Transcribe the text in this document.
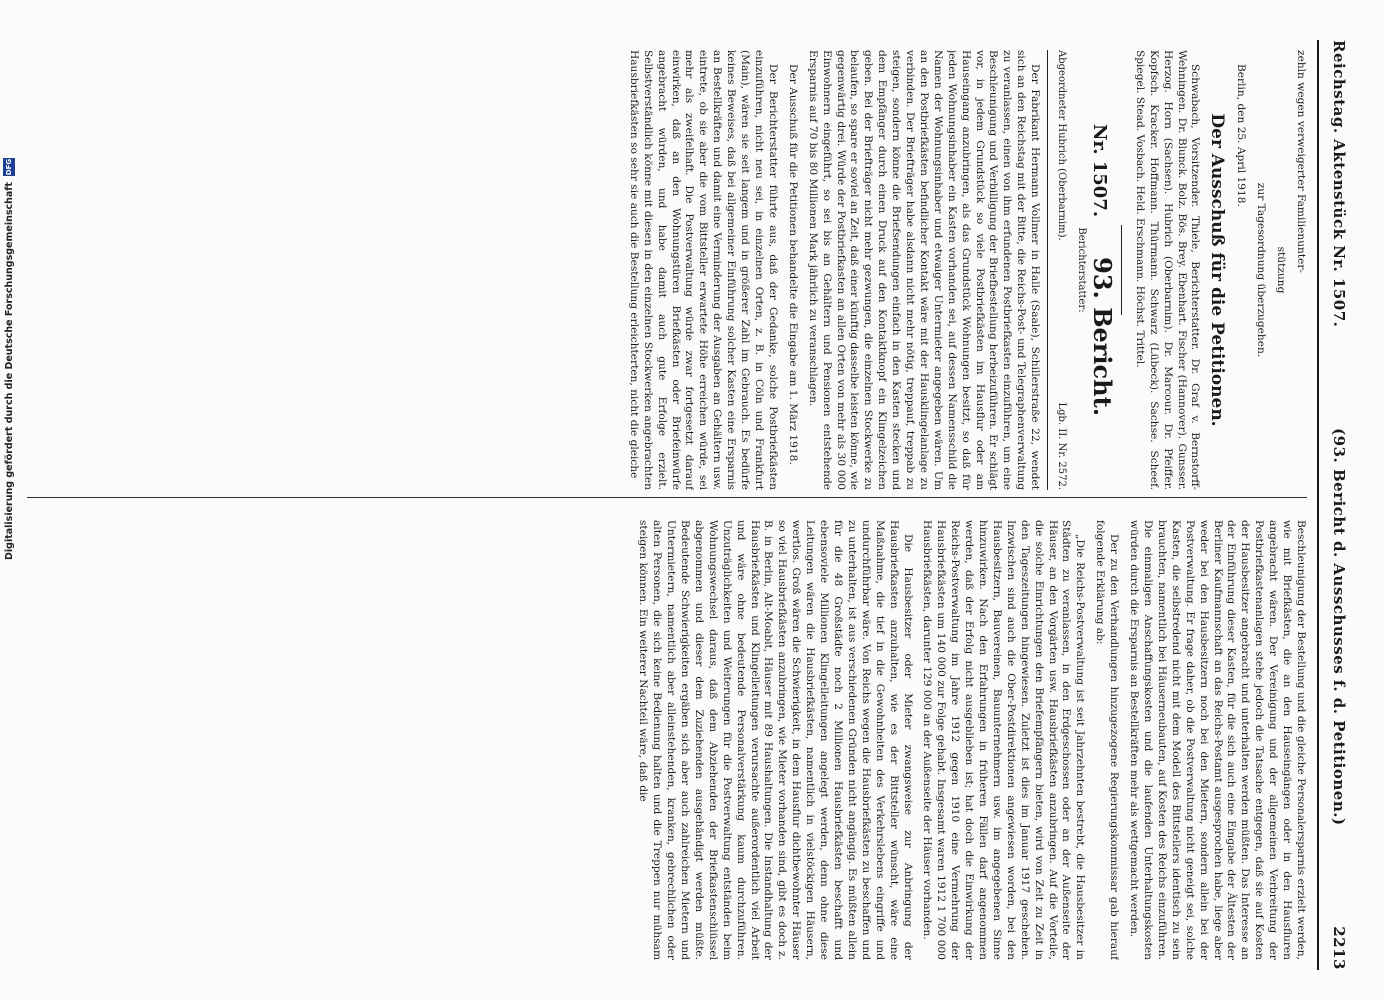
Reichstag. Aktenstück Nr. 1507.
(93. Bericht d. Ausschusses f. d. Petitionen.)
2213

zehln wegen verweigerter Familienunter-

stützung

zur Tagesordnung überzugehen.

Berlin, den 25. April 1918.

Der Ausschuß für die Petitionen.

Schwabach, Vorsitzender. Thiele, Berichterstatter. Dr. Graf v. Bernstorff-Wehningen. Dr. Blunck. Bolz. Bös. Brey. Ebenhart. Fischer (Hannover). Gunsser. Herzog. Horn (Sachsen). Hubrich (Oberbarnim). Dr. Marcour. Dr. Pfeiffer. Kopfsch. Kracker. Hoffmann. Thürmann. Schwarz (Lübeck). Sachse. Scheef. Spiegel. Stead. Vosbach. Held. Erschmann. Höchst. Trittel.

Nr. 1507.
93. Bericht.

Berichterstatter:

Abgeordneter Hubrich (Oberbarnim).
Lgb. II. Nr. 2572.

Der Fabrikant Hermann Vollmer in Halle (Saale), Schillerstraße 22, wendet sich an den Reichstag mit der Bitte, die Reichs-Post- und Telegraphenverwaltung zu veranlassen, einen von ihm erfundenen Postbriefkasten einzuführen, um eine Beschleunigung und Verbilligung der Briefbestellung herbeizuführen. Er schlägt vor, in jedem Grundstück so viele Postbriefkästen im Hausflur oder am Hauseingang anzubringen, als das Grundstück Wohnungen besitzt, so daß für jeden Wohnungsinhaber ein Kasten vorhanden sei, auf dessen Namensschild die Namen der Wohnungsinhaber und etwaiger Untermieter angegeben wären. Um an den Postbriefkästen befindlicher Kontakt wäre mit der Hausklingelanlage zu verbinden. Der Briefträger habe alsdann nicht mehr nötig, treppauf, treppab zu steigen, sondern könne die Briefsendungen einfach in den Kasten stecken und dem Empfänger durch einen Druck auf den Kontaktknopf ein Klingelzeichen geben. Bei der Briefträger nicht mehr gezwungen, die einzelnen Stockwerke zu belaufen, so spare er soviel an Zeit, daß einer künftig dasselbe leisten könne, wie gegenwärtig drei. Würde der Postbriefkasten an allen Orten von mehr als 30 000 Einwohnern eingeführt, so sei bis an Gehältern und Pensionen entstehende Ersparnis auf 70 bis 80 Millionen Mark jährlich zu veranschlagen.

Der Ausschuß für die Petitionen behandelte die Eingabe am 1. März 1918.

Der Berichterstatter führte aus, daß der Gedanke, solche Postbriefkästen einzuführen, nicht neu sei, in einzelnen Orten, z. B. in Cöln und Frankfurt (Main), wären sie seit langem und in größerer Zahl im Gebrauch. Es bedürfe keines Beweises, daß bei allgemeiner Einführung solcher Kasten eine Ersparnis an Bestellkräften und damit eine Verminderung der Ausgaben an Gehältern usw. eintrete, ob sie aber die vom Bittsteller erwartete Höhe erreichen würde, sei mehr als zweifelhaft. Die Postverwaltung würde zwar fortgesetzt darauf einwirken, daß an den Wohnungstüren Briefkästen oder Briefeinwürfe angebracht würden, und habe damit auch gute Erfolge erzielt. Selbstverständlich könne mit diesen in den einzelnen Stockwerken angebrachten Hausbriefkästen so sehr sie auch die Bestellung erleichterten, nicht die gleiche

Beschleunigung der Bestellung und die gleiche Personalersparnis erzielt werden, wie mit Briefkästen, die an den Hauseingängen oder in den Hausfluren angebracht wären. Der Vereinigung und der allgemeinen Verbreitung der Postbriefkastenanlagen stehe jedoch die Tatsache entgegen, daß sie auf Kosten der Hausbesitzer angebracht und unterhalten werden müßten. Das Interesse an der Einführung dieser Kasten, für die sich auch eine Eingabe der Ältesten der Berliner Kaufmannschaft an das Reichs-Postamt ausgesprochen habe, liege aber weder bei den Hausbesitzern noch bei den Mietern, sondern allein bei der Postverwaltung. Er frage daher, ob die Postverwaltung nicht geneigt sei, solche Kasten, die selbstredend nicht mit dem Modell des Bittstellers identisch zu sein brauchten, namentlich bei Häuserneubauten, auf Kosten des Reichs einzuführen. Die einmaligen Anschaffungskosten und die laufenden Unterhaltungskosten würden durch die Ersparnis an Bestellkräften mehr als wettgemacht werden.

Der zu den Verhandlungen hinzugezogene Regierungskommissar gab hierauf folgende Erklärung ab:

„Die Reichs-Postverwaltung ist seit Jahrzehnten bestrebt, die Hausbesitzer in Städten zu veranlassen, in den Erdgeschossen oder an der Außenseite der Häuser, an den Vorgärten usw. Hausbriefkästen anzubringen. Auf die Vorteile, die solche Einrichtungen den Briefempfängern bieten, wird von Zeit zu Zeit in den Tageszeitungen hingewiesen. Zuletzt ist dies im Januar 1917 geschehen. Inzwischen sind auch die Ober-Postdirektionen angewiesen worden, bei den Hausbesitzern, Bauvereinen, Bauunternehmern usw. im angegebenen Sinne hinzuwirken. Nach den Erfahrungen in früheren Fällen darf angenommen werden, daß der Erfolg nicht ausgeblieben ist; hat doch die Einwirkung der Reichs-Postverwaltung im Jahre 1912 gegen 1910 eine Vermehrung der Hausbriefkästen um 140 000 zur Folge gehabt. Insgesamt waren 1912 1 700 000 Hausbriefkästen, darunter 129 000 an der Außenseite der Häuser vorhanden.

Die Hausbesitzer oder Mieter zwangsweise zur Anbringung der Hausbriefkasten anzuhalten, wie es der Bittsteller wünscht, wäre eine Maßnahme, die tief in die Gewohnheiten des Verkehrslebens eingriffe und undurchführbar wäre. Von Reichs wegen die Hausbriefkästen zu beschaffen und zu unterhalten, ist aus verschiedenen Gründen nicht angängig. Es müßten allein für die 48 Großstädte noch 2 Millionen Hausbriefkästen beschafft und ebensoviele Millionen Klingelleitungen angelegt werden, denn ohne diese Leitungen wären die Hausbriefkästen, namentlich in vielstöckigen Häusern, wertlos. Groß wären die Schwierigkeit, in dem Hausflur dichtbewohnter Häuser so viel Hausbriefkästen anzubringen, wie Mieter vorhanden sind, gibt es doch z. B. in Berlin, Alt-Moabit, Häuser mit 89 Haushaltungen. Die Instandhaltung der Hausbriefkästen und Klingelleitungen verursachte außerordentlich viel Arbeit und wäre ohne bedeutende Personalverstärkung kaum durchzuführen. Unzuträglichkeiten und Weiterungen für die Postverwaltung entständen beim Wohnungswechsel daraus, daß dem Abziehenden der Briefkastenschlüssel abgenommen und dieser dem Zuziehenden ausgehändigt werden müßte. Bedeutende Schwierigkeiten ergäben sich aber auch zahlreichen Mietern und Untermietern, namentlich aber alleinstehenden, kranken, gebrechlichen oder alten Personen, die sich keine Bedienung halten und die Treppen nur mühsam steigen können. Ein weiterer Nachteil wäre, daß die

Digitalisierung gefördert durch die Deutsche Forschungsgemeinschaft
DFG
